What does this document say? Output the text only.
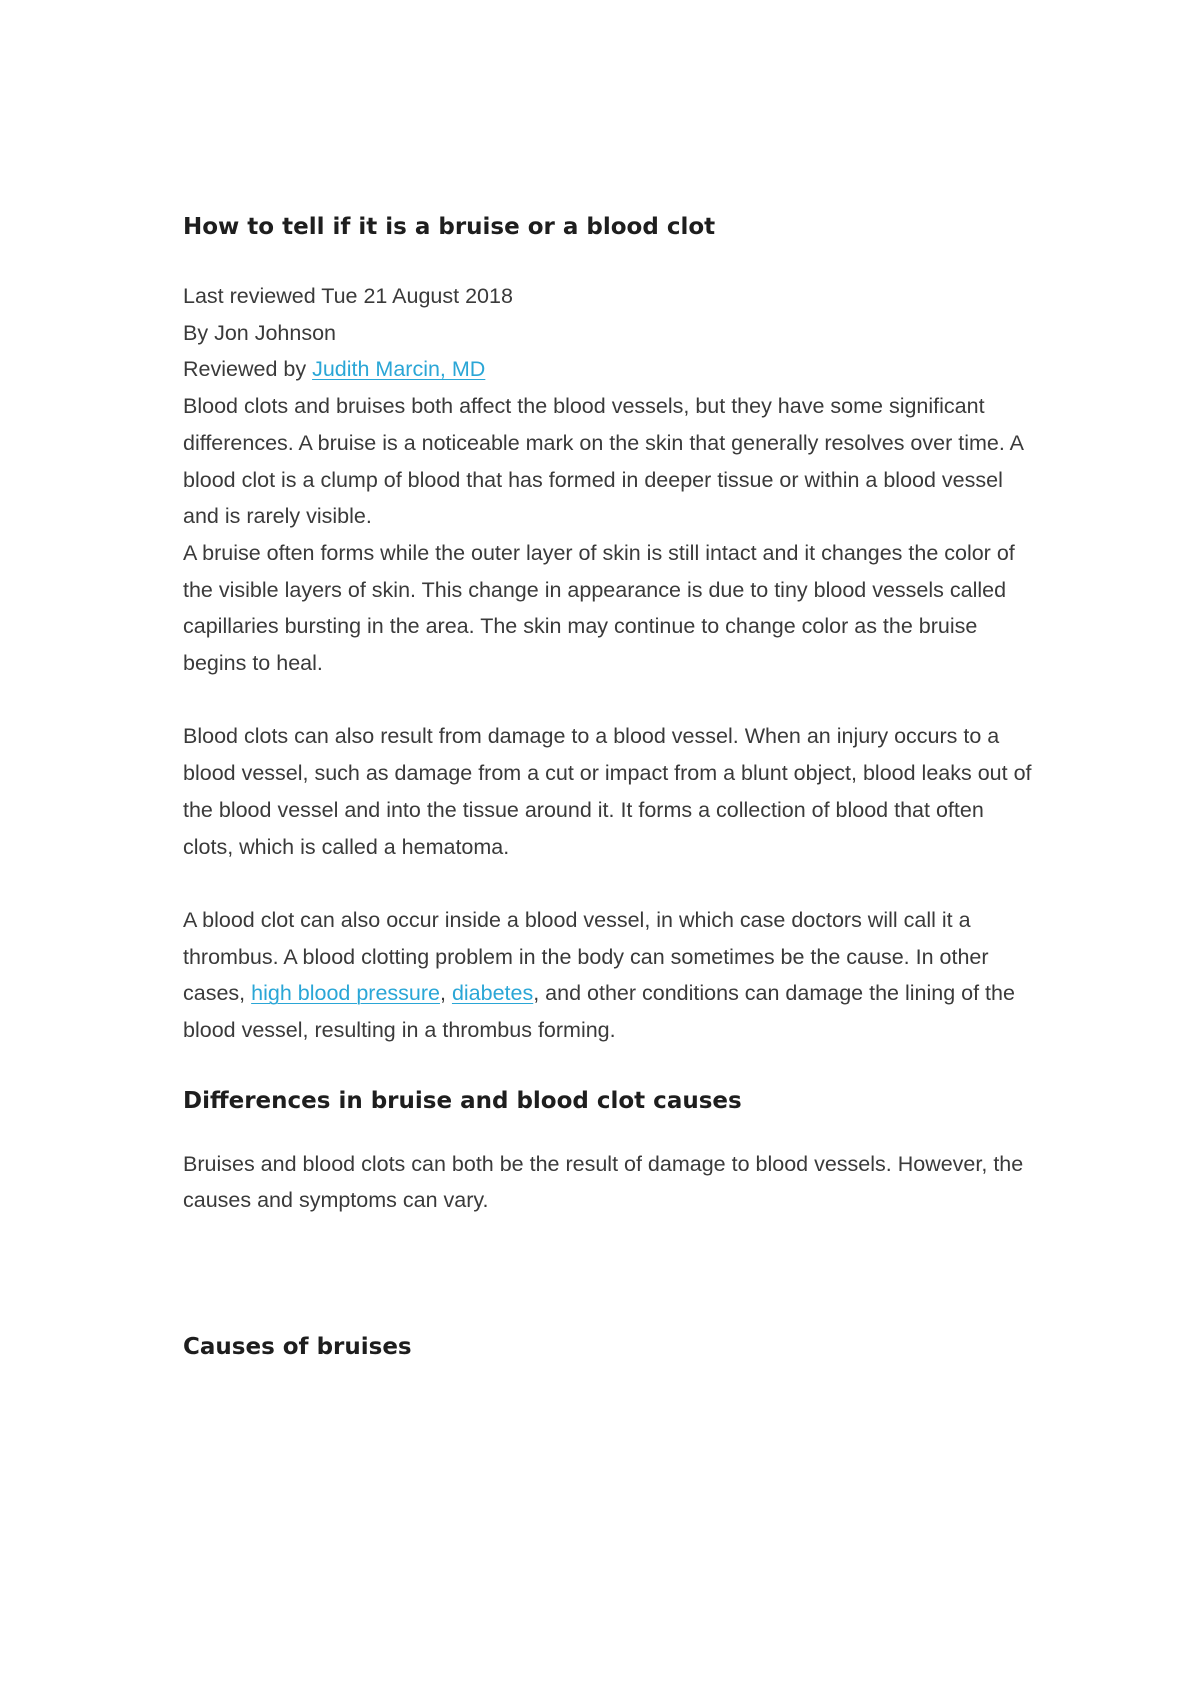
How to tell if it is a bruise or a blood clot

Last reviewed Tue 21 August 2018

By Jon Johnson

Reviewed by Judith Marcin, MD

Blood clots and bruises both affect the blood vessels, but they have some significant differences. A bruise is a noticeable mark on the skin that generally resolves over time. A blood clot is a clump of blood that has formed in deeper tissue or within a blood vessel and is rarely visible.

A bruise often forms while the outer layer of skin is still intact and it changes the color of the visible layers of skin. This change in appearance is due to tiny blood vessels called capillaries bursting in the area. The skin may continue to change color as the bruise begins to heal.

Blood clots can also result from damage to a blood vessel. When an injury occurs to a blood vessel, such as damage from a cut or impact from a blunt object, blood leaks out of the blood vessel and into the tissue around it. It forms a collection of blood that often clots, which is called a hematoma.

A blood clot can also occur inside a blood vessel, in which case doctors will call it a thrombus. A blood clotting problem in the body can sometimes be the cause. In other cases, high blood pressure, diabetes, and other conditions can damage the lining of the blood vessel, resulting in a thrombus forming.

Differences in bruise and blood clot causes

Bruises and blood clots can both be the result of damage to blood vessels. However, the causes and symptoms can vary.

Causes of bruises
